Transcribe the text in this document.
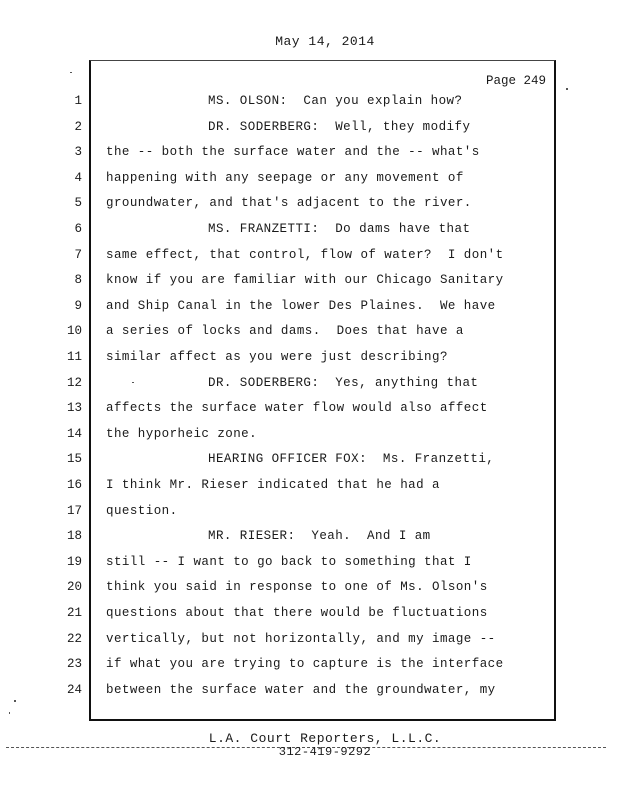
May 14, 2014
Page 249
1	MS. OLSON:  Can you explain how?
2	DR. SODERBERG:  Well, they modify
3 the -- both the surface water and the -- what's
4 happening with any seepage or any movement of
5 groundwater, and that's adjacent to the river.
6	MS. FRANZETTI:  Do dams have that
7 same effect, that control, flow of water?  I don't
8 know if you are familiar with our Chicago Sanitary
9 and Ship Canal in the lower Des Plaines.  We have
10 a series of locks and dams.  Does that have a
11 similar affect as you were just describing?
12	DR. SODERBERG:  Yes, anything that
13 affects the surface water flow would also affect
14 the hyporheic zone.
15	HEARING OFFICER FOX:  Ms. Franzetti,
16 I think Mr. Rieser indicated that he had a
17 question.
18	MR. RIESER:  Yeah.  And I am
19 still -- I want to go back to something that I
20 think you said in response to one of Ms. Olson's
21 questions about that there would be fluctuations
22 vertically, but not horizontally, and my image --
23 if what you are trying to capture is the interface
24 between the surface water and the groundwater, my
L.A. Court Reporters, L.L.C.
312-419-9292
